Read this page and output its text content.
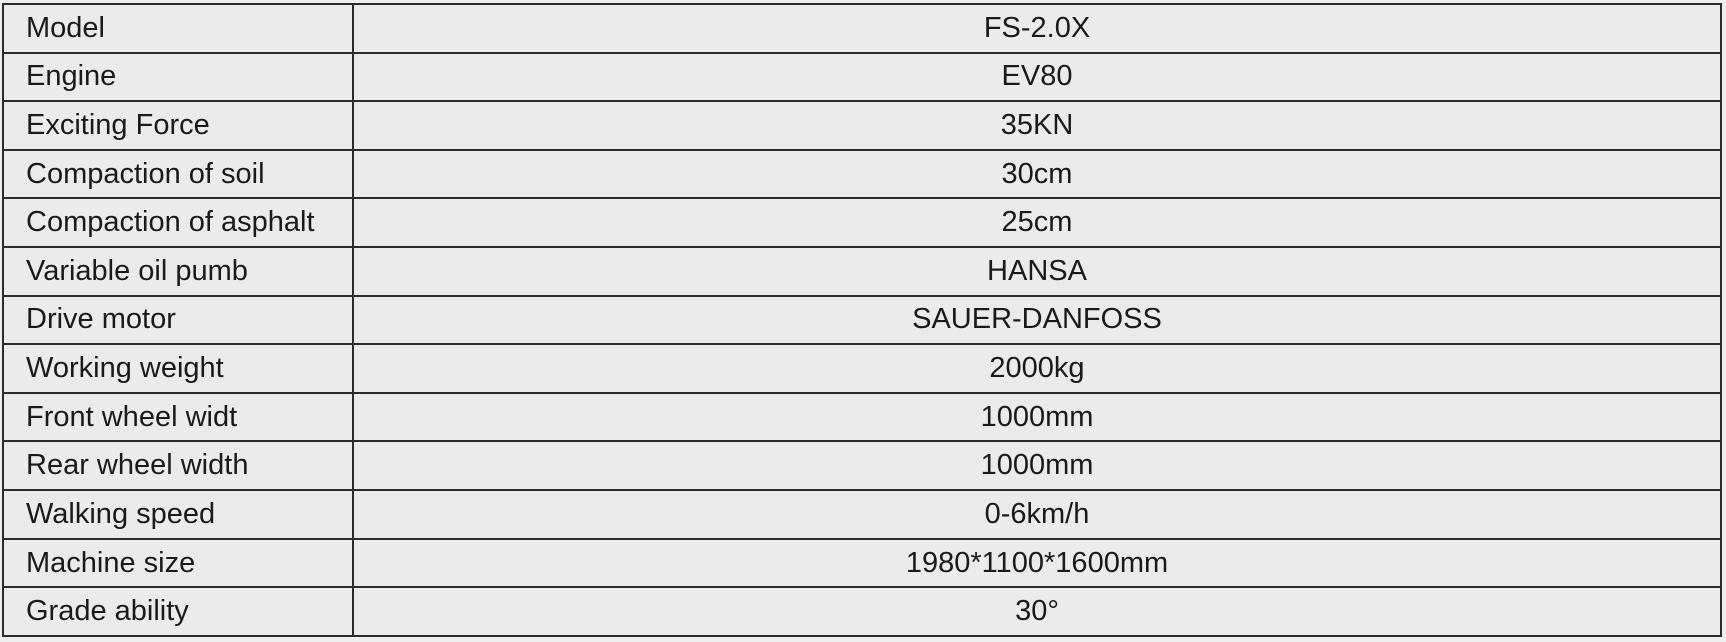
Model	FS-2.0X
Engine	EV80
Exciting Force	35KN
Compaction of soil	30cm
Compaction of asphalt	25cm
Variable oil pumb	HANSA
Drive motor	SAUER-DANFOSS
Working weight	2000kg
Front wheel widt	1000mm
Rear wheel width	1000mm
Walking speed	0-6km/h
Machine size	1980*1100*1600mm
Grade ability	30°
